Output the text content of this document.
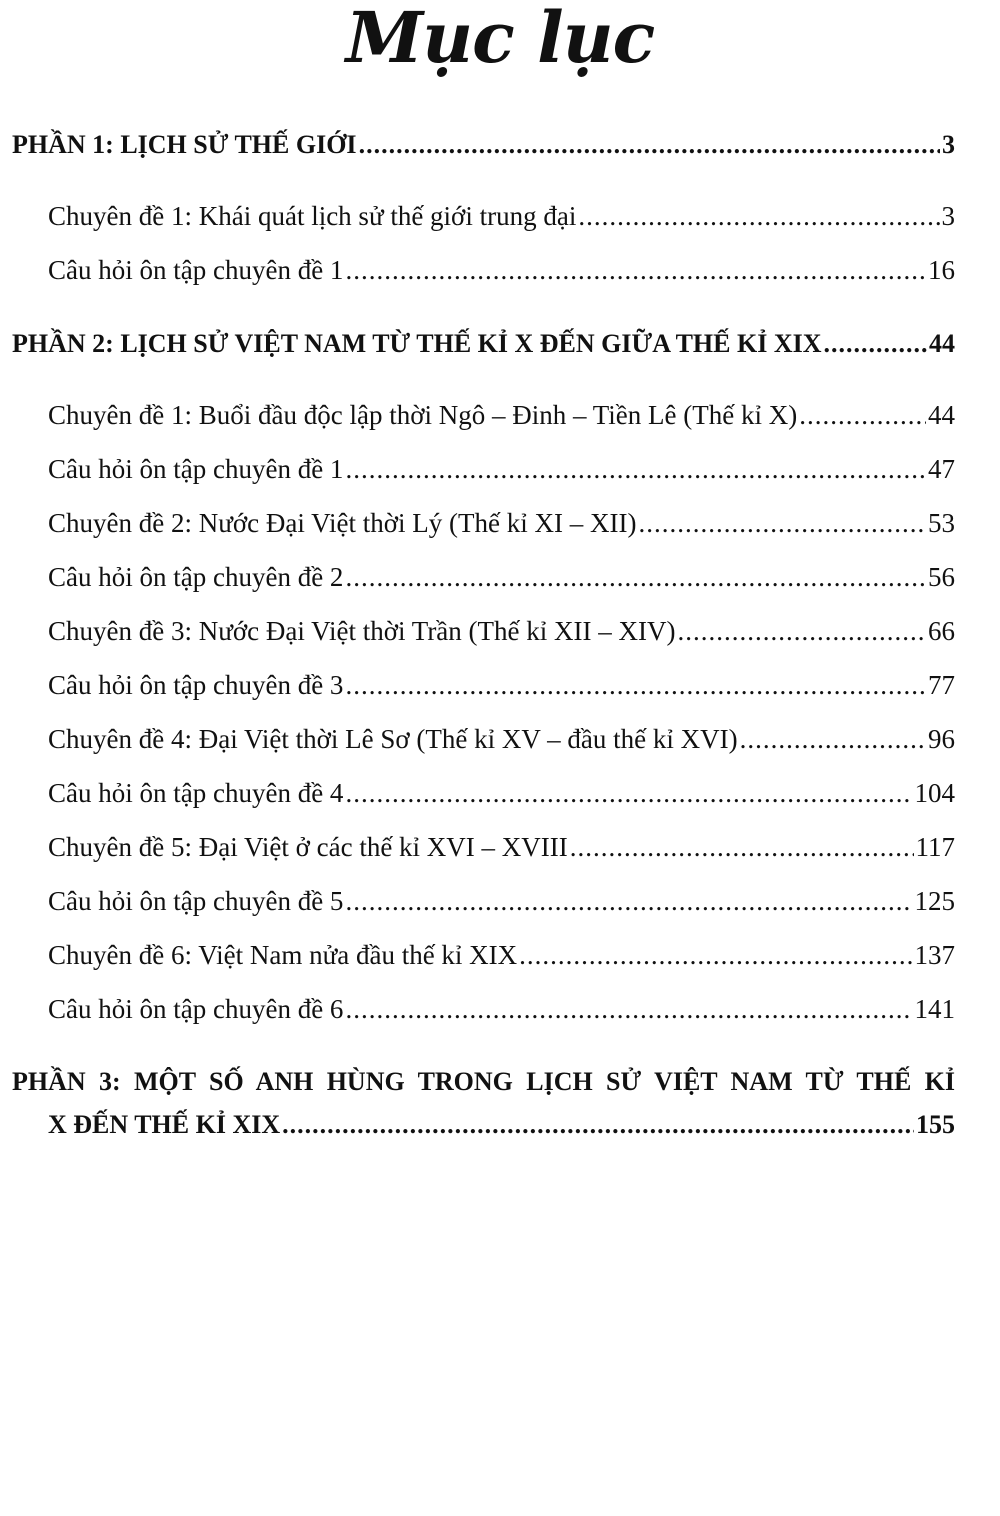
Mục lục
PHẦN 1: LỊCH SỬ THẾ GIỚI .....	3
Chuyên đề 1: Khái quát lịch sử thế giới trung đại .....	3
Câu hỏi ôn tập chuyên đề 1 .....	16
PHẦN 2: LỊCH SỬ VIỆT NAM TỪ THẾ KỈ X ĐẾN GIỮA THẾ KỈ XIX .....	44
Chuyên đề 1: Buổi đầu độc lập thời Ngô – Đinh – Tiền Lê (Thế kỉ X) .....	44
Câu hỏi ôn tập chuyên đề 1 .....	47
Chuyên đề 2: Nước Đại Việt thời Lý (Thế kỉ XI – XII) .....	53
Câu hỏi ôn tập chuyên đề 2 .....	56
Chuyên đề 3: Nước Đại Việt thời Trần (Thế kỉ XII – XIV) .....	66
Câu hỏi ôn tập chuyên đề 3 .....	77
Chuyên đề 4: Đại Việt thời Lê Sơ (Thế kỉ XV – đầu thế kỉ XVI) .....	96
Câu hỏi ôn tập chuyên đề 4 .....	104
Chuyên đề 5: Đại Việt ở các thế kỉ XVI – XVIII .....	117
Câu hỏi ôn tập chuyên đề 5 .....	125
Chuyên đề 6: Việt Nam nửa đầu thế kỉ XIX .....	137
Câu hỏi ôn tập chuyên đề 6 .....	141
PHẦN 3: MỘT SỐ ANH HÙNG TRONG LỊCH SỬ VIỆT NAM TỪ THẾ KỈ
X ĐẾN THẾ KỈ XIX .....	155
